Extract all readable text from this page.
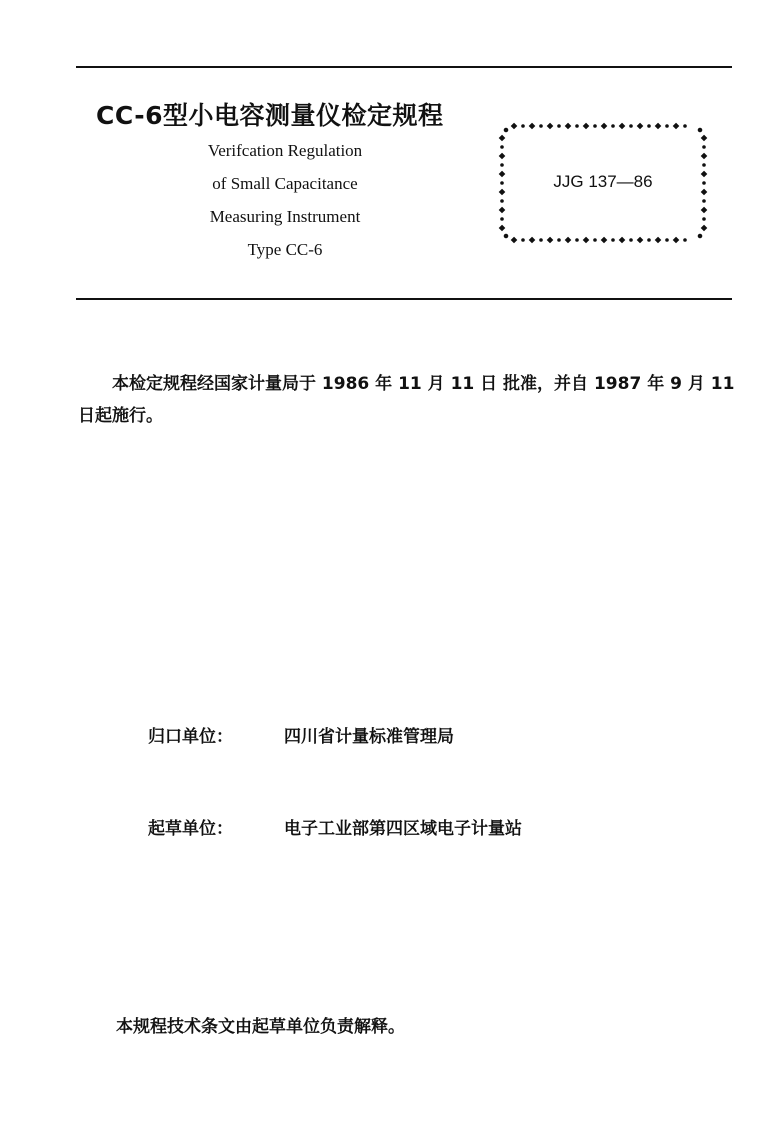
CC-6型小电容测量仪检定规程
Verifcation Regulation
of Small Capacitance
Measuring Instrument
Type CC-6
JJG 137—86
本检定规程经国家计量局于 1986 年 11 月 11 日 批准，并自 1987 年 9 月 11 日起施行。
归口单位：	四川省计量标准管理局
起草单位：	电子工业部第四区域电子计量站
本规程技术条文由起草单位负责解释。
